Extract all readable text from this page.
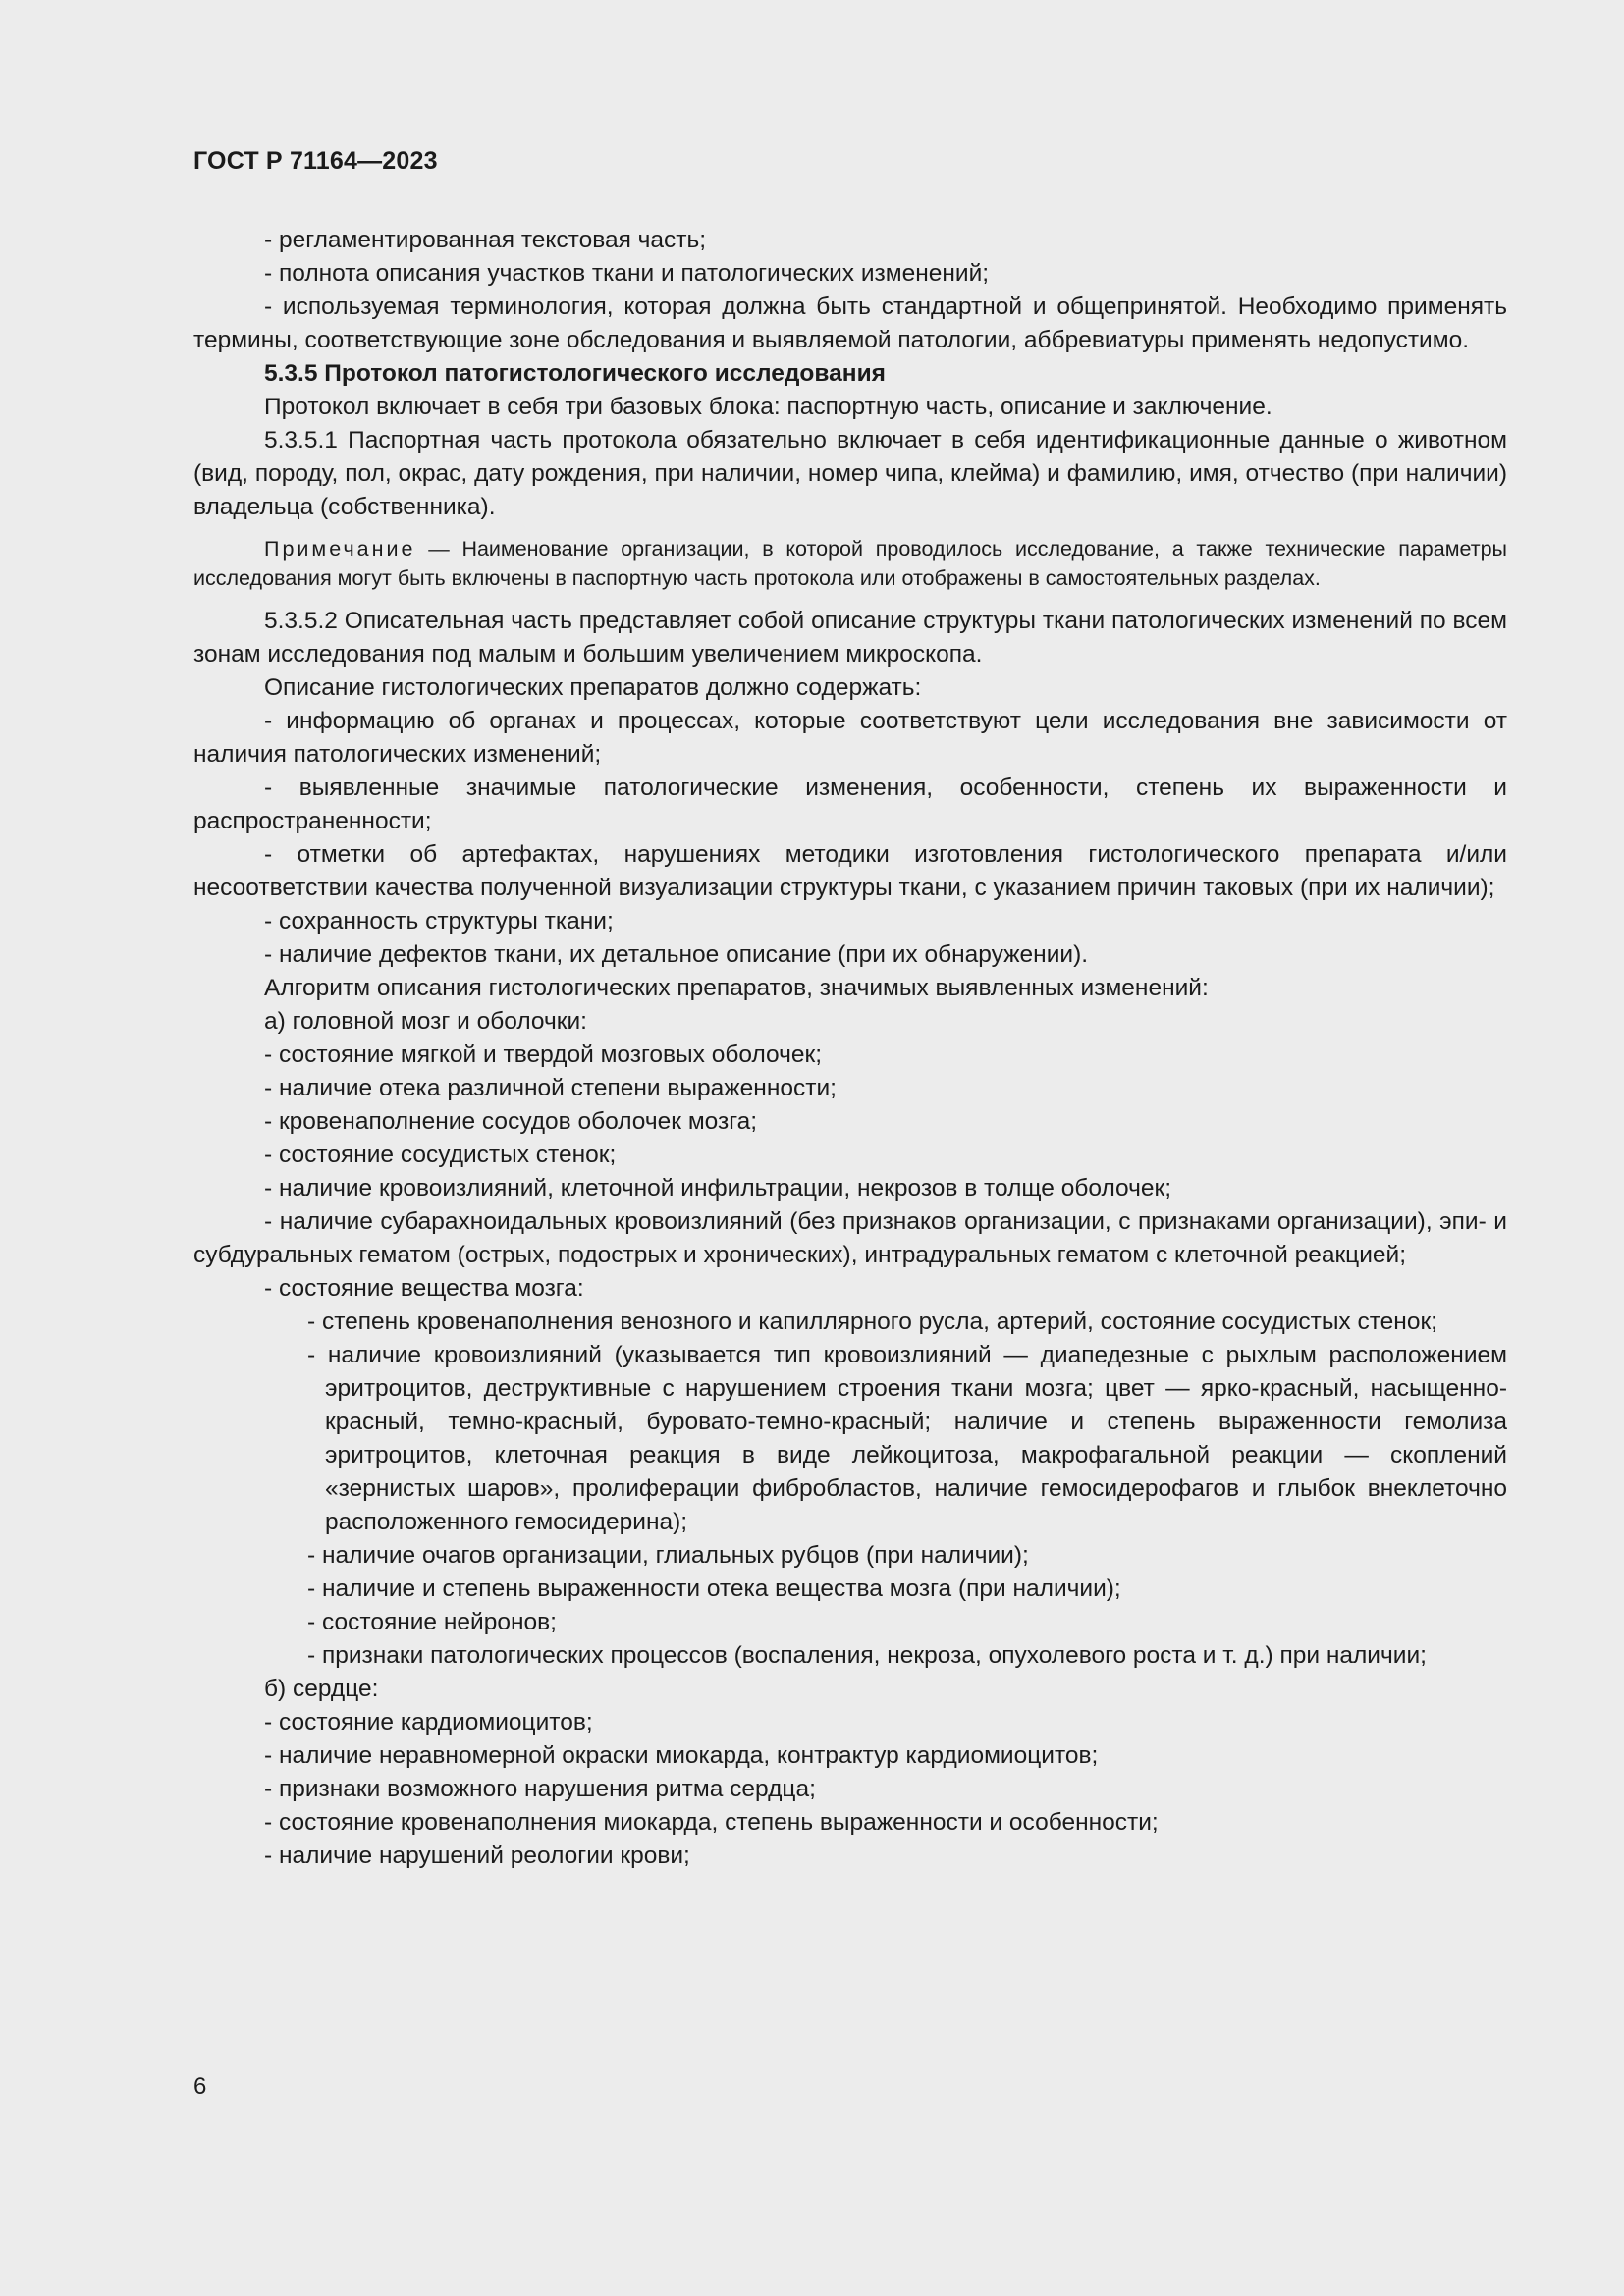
ГОСТ Р 71164—2023

- регламентированная текстовая часть;

- полнота описания участков ткани и патологических изменений;

- используемая терминология, которая должна быть стандартной и общепринятой. Необходимо применять термины, соответствующие зоне обследования и выявляемой патологии, аббревиатуры применять недопустимо.

5.3.5 Протокол патогистологического исследования

Протокол включает в себя три базовых блока: паспортную часть, описание и заключение.

5.3.5.1 Паспортная часть протокола обязательно включает в себя идентификационные данные о животном (вид, породу, пол, окрас, дату рождения, при наличии, номер чипа, клейма) и фамилию, имя, отчество (при наличии) владельца (собственника).

Примечание — Наименование организации, в которой проводилось исследование, а также технические параметры исследования могут быть включены в паспортную часть протокола или отображены в самостоятельных разделах.

5.3.5.2 Описательная часть представляет собой описание структуры ткани патологических изменений по всем зонам исследования под малым и большим увеличением микроскопа.

Описание гистологических препаратов должно содержать:

- информацию об органах и процессах, которые соответствуют цели исследования вне зависимости от наличия патологических изменений;

- выявленные значимые патологические изменения, особенности, степень их выраженности и распространенности;

- отметки об артефактах, нарушениях методики изготовления гистологического препарата и/или несоответствии качества полученной визуализации структуры ткани, с указанием причин таковых (при их наличии);

- сохранность структуры ткани;

- наличие дефектов ткани, их детальное описание (при их обнаружении).

Алгоритм описания гистологических препаратов, значимых выявленных изменений:

а) головной мозг и оболочки:

- состояние мягкой и твердой мозговых оболочек;

- наличие отека различной степени выраженности;

- кровенаполнение сосудов оболочек мозга;

- состояние сосудистых стенок;

- наличие кровоизлияний, клеточной инфильтрации, некрозов в толще оболочек;

- наличие субарахноидальных кровоизлияний (без признаков организации, с признаками организации), эпи- и субдуральных гематом (острых, подострых и хронических), интрадуральных гематом с клеточной реакцией;

- состояние вещества мозга:

- степень кровенаполнения венозного и капиллярного русла, артерий, состояние сосудистых стенок;

- наличие кровоизлияний (указывается тип кровоизлияний — диапедезные с рыхлым расположением эритроцитов, деструктивные с нарушением строения ткани мозга; цвет — ярко-красный, насыщенно-красный, темно-красный, буровато-темно-красный; наличие и степень выраженности гемолиза эритроцитов, клеточная реакция в виде лейкоцитоза, макрофагальной реакции — скоплений «зернистых шаров», пролиферации фибробластов, наличие гемосидерофагов и глыбок внеклеточно расположенного гемосидерина);

- наличие очагов организации, глиальных рубцов (при наличии);

- наличие и степень выраженности отека вещества мозга (при наличии);

- состояние нейронов;

- признаки патологических процессов (воспаления, некроза, опухолевого роста и т. д.) при наличии;

б) сердце:

- состояние кардиомиоцитов;

- наличие неравномерной окраски миокарда, контрактур кардиомиоцитов;

- признаки возможного нарушения ритма сердца;

- состояние кровенаполнения миокарда, степень выраженности и особенности;

- наличие нарушений реологии крови;

6
